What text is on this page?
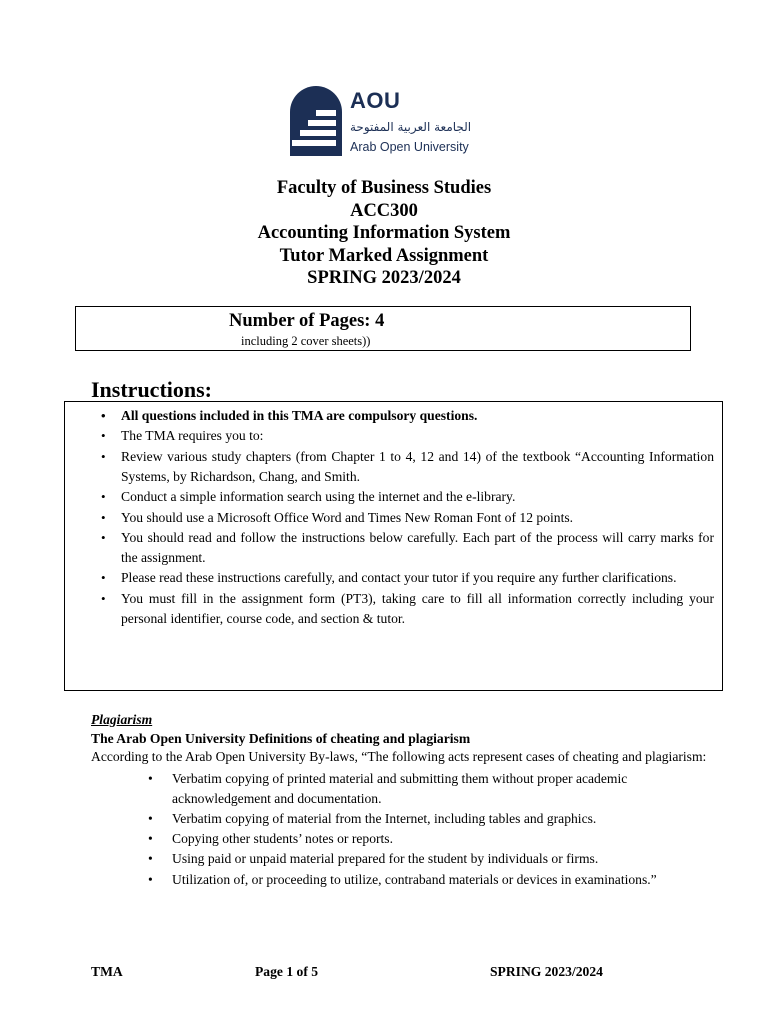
AOU
الجامعة العربية المفتوحة
Arab Open University
Faculty of Business Studies
ACC300
Accounting Information System
Tutor Marked Assignment
SPRING 2023/2024
Number of Pages: 4
including 2 cover sheets))
Instructions:
• All questions included in this TMA are compulsory questions.
• The TMA requires you to:
• Review various study chapters (from Chapter 1 to 4, 12 and 14) of the textbook “Accounting Information Systems, by Richardson, Chang, and Smith.
• Conduct a simple information search using the internet and the e-library.
• You should use a Microsoft Office Word and Times New Roman Font of 12 points.
• You should read and follow the instructions below carefully. Each part of the process will carry marks for the assignment.
• Please read these instructions carefully, and contact your tutor if you require any further clarifications.
• You must fill in the assignment form (PT3), taking care to fill all information correctly including your personal identifier, course code, and section & tutor.
Plagiarism
The Arab Open University Definitions of cheating and plagiarism
According to the Arab Open University By-laws, “The following acts represent cases of cheating and plagiarism:
• Verbatim copying of printed material and submitting them without proper academic acknowledgement and documentation.
• Verbatim copying of material from the Internet, including tables and graphics.
• Copying other students’ notes or reports.
• Using paid or unpaid material prepared for the student by individuals or firms.
• Utilization of, or proceeding to utilize, contraband materials or devices in examinations.”
TMA	Page 1 of 5	SPRING 2023/2024
